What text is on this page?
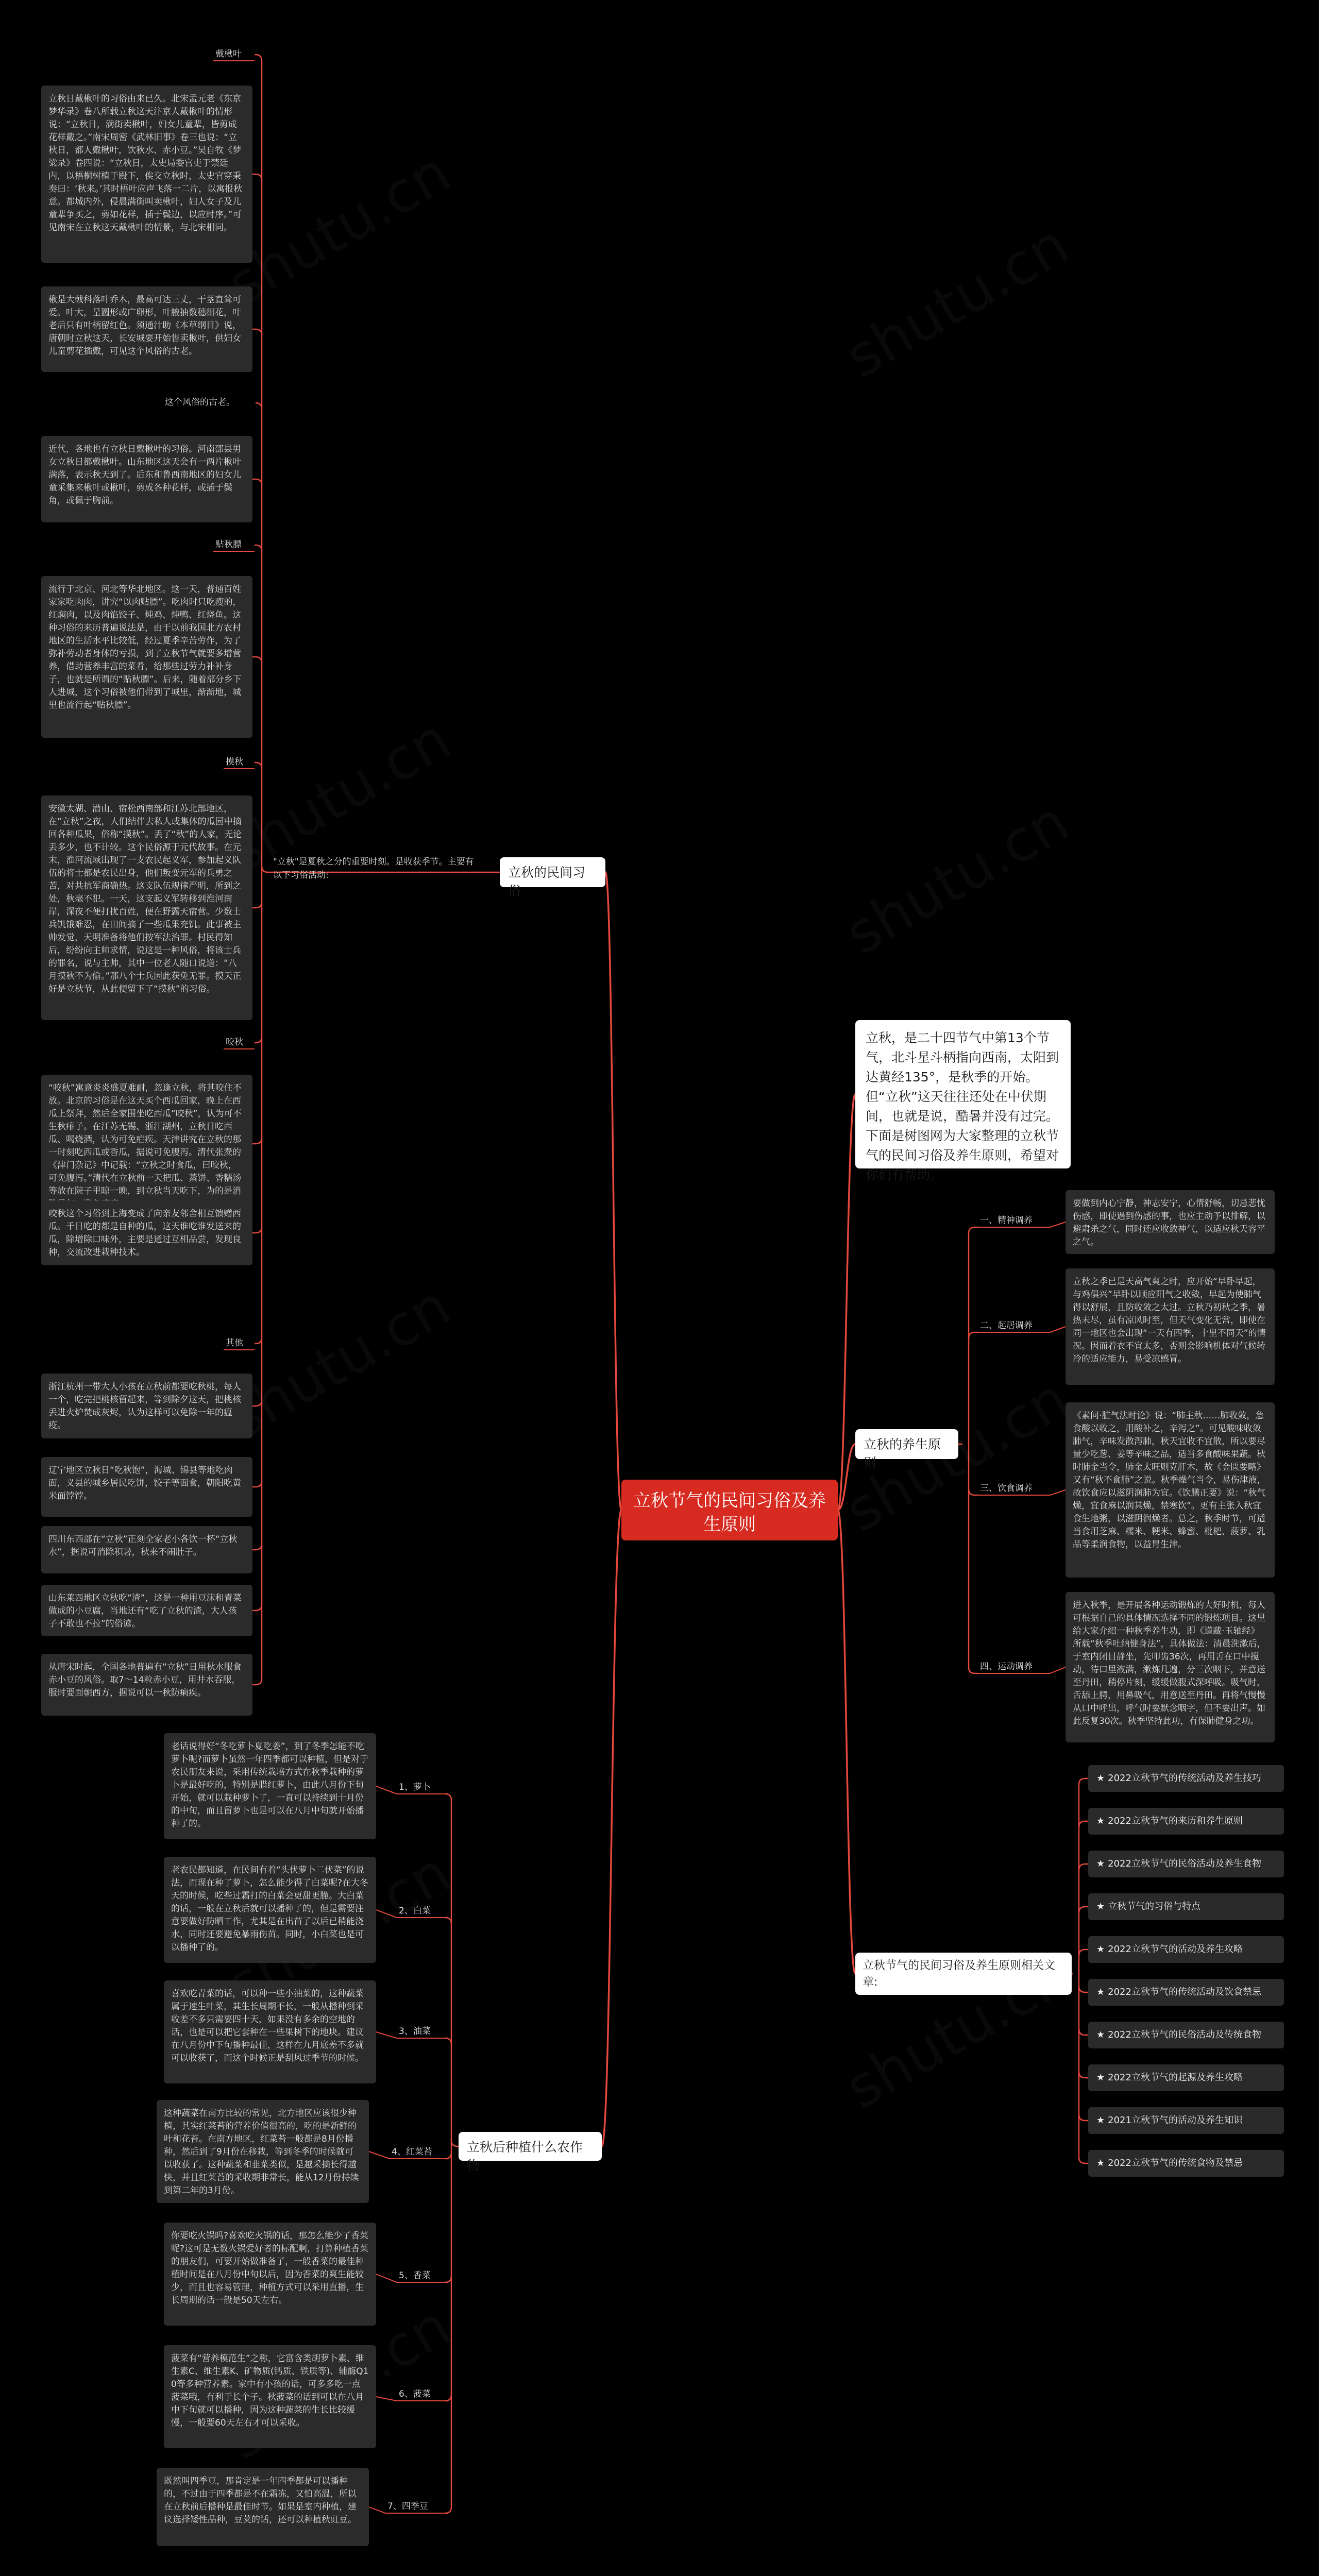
立秋节气的民间习俗及养生原则
立秋的民间习俗
"立秋"是夏秋之分的重要时刻。是收获季节。主要有以下习俗活动:
戴楸叶
立秋日戴楸叶的习俗由来已久。北宋孟元老《东京梦华录》卷八所载立秋这天汴京人戴楸叶的情形说：“立秋日，满街卖楸叶，妇女儿童辈，皆剪成花样戴之。”南宋周密《武林旧事》卷三也说：“立秋日，都人戴楸叶，饮秋水、赤小豆。”吴自牧《梦粱录》卷四说：“立秋日，太史局委官吏于禁廷内，以梧桐树植于殿下，俟交立秋时，太史官穿秉奏曰：‘秋来。’其时梧叶应声飞落一二片，以寓报秋意。都城内外，侵晨满街叫卖楸叶，妇人女子及儿童辈争买之，剪如花样，插于鬓边，以应时序。”可见南宋在立秋这天戴楸叶的情景，与北宋相同。
楸是大戟科落叶乔木，最高可达三丈，干茎直耸可爱。叶大，呈圆形或广卵形，叶腋抽数穗细花，叶老后只有叶柄留红色。须通汁助《本草纲目》说，唐朝时立秋这天，长安城要开始售卖楸叶，供妇女儿童剪花插戴，可见这个风俗的古老。
这个风俗的古老。
近代，各地也有立秋日戴楸叶的习俗。河南邵县男女立秋日都戴楸叶。山东地区这天会有一两片楸叶满落，表示秋天到了。后东和鲁西南地区的妇女儿童采集来楸叶或楸叶，剪成各种花样，或插于鬓角，或佩于胸前。
贴秋膘
流行于北京、河北等华北地区。这一天，普通百姓家家吃肉肉，讲究“以肉贴膘”。吃肉时只吃瘦的，红焖肉，以及肉馅饺子、炖鸡、炖鸭、红烧鱼。这种习俗的来历普遍说法是，由于以前我国北方农村地区的生活水平比较低，经过夏季辛苦劳作，为了弥补劳动者身体的亏损，到了立秋节气就要多增营养，借助营养丰富的菜肴，给那些过劳力补补身子，也就是所谓的“贴秋膘”。后来，随着部分乡下人进城，这个习俗被他们带到了城里，渐渐地，城里也流行起“贴秋膘”。
摸秋
安徽太湖、潜山、宿松西南部和江苏北部地区，在“立秋”之夜，人们结伴去私人或集体的瓜园中摘回各种瓜果，俗称“摸秋”。丢了“秋”的人家，无论丢多少，也不计较。这个民俗源于元代故事。在元末，淮河流域出现了一支农民起义军，参加起义队伍的将士都是农民出身，他们叛变元军的兵勇之苦，对共抗军商确热。这支队伍规律严明，所到之处，秋毫不犯。一天，这支起义军转移到淮河南岸，深夜不便打扰百姓，便在野露天宿营。少数士兵饥饿难忍，在田间摘了一些瓜果充饥。此事被主帅发觉，天明准备将他们按军法治罪。村民得知后，纷纷向主帅求情，说这是一种风俗，将该士兵的罪名，说与主帅，其中一位老人随口说道：“八月摸秋不为偷。”那八个士兵因此获免无罪。摸天正好是立秋节，从此便留下了“摸秋”的习俗。
咬秋
“咬秋”寓意炎炎盛夏难耐，忽逢立秋，将其咬住不放。北京的习俗是在这天买个西瓜回家，晚上在西瓜上祭拜，然后全家围坐吃西瓜“咬秋”，认为可不生秋痱子。在江苏无锡、浙江湖州，立秋日吃西瓜、喝烧酒，认为可免疟疾。天津讲究在立秋的那一时刻吃西瓜或香瓜，据说可免腹泻。清代张焘的《津门杂记》中记载：“立秋之时食瓜，曰咬秋，可免腹泻。”清代在立秋前一天把瓜、蒸饼、香糯汤等放在院子里晾一晚，到立秋当天吃下，为的是消
咬秋这个习俗到上海变成了向亲友邻舍相互馈赠西瓜。千日吃的都是自种的瓜，这天谁吃谁发送来的瓜，除增除口味外，主要是通过互相品尝，发现良种，交流改进栽种技术。
其他
浙江杭州一带大人小孩在立秋前都要吃秋桃，每人一个，吃完把桃核留起来，等到除夕这天，把桃核丢进火炉焚成灰烬，认为这样可以免除一年的瘟疫。
辽宁地区立秋日“吃秋饱”，海城、锦县等地吃肉面，义县的城乡居民吃饼，饺子等面食，朝阳吃黄米面饽饽。
四川东西部在“立秋”正刻全家老小各饮一杯“立秋水”，据说可消除积暑，秋来不闹肚子。
山东莱西地区立秋吃“渣”，这是一种用豆沫和青菜做成的小豆腐，当地还有“吃了立秋的渣，大人孩子不敢也不拉”的俗谚。
从唐宋时起，全国各地普遍有“立秋”日用秋水服食赤小豆的风俗。取7～14粒赤小豆，用井水吞服，服时要面朝西方，据说可以一秋防痢疾。
立秋，是二十四节气中第13个节气，北斗星斗柄指向西南，太阳到达黄经135°，是秋季的开始。但“立秋”这天往往还处在中伏期间，也就是说，酷暑并没有过完。下面是树图网为大家整理的立秋节气的民间习俗及养生原则，希望对你们有帮助。
立秋的养生原则
一、精神调养
要做到内心宁静，神志安宁，心情舒畅，切忌悲忧伤感，即使遇到伤感的事，也应主动予以排解，以避肃杀之气，同时还应收敛神气，以适应秋天容平之气。
二、起居调养
立秋之季已是天高气爽之时，应开始“早卧早起，与鸡俱兴”早卧以顺应阳气之收敛，早起为使肺气得以舒展，且防收敛之太过。立秋乃初秋之季，暑热未尽，虽有凉风时至，但天气变化无常，即使在同一地区也会出现“一天有四季，十里不同天”的情况。因而着衣不宜太多，否则会影响机体对气候转冷的适应能力，易受凉感冒。
三、饮食调养
《素问·脏气法时论》说：“肺主秋……肺收敛，急食酸以收之，用酸补之，辛泻之”。可见酸味收敛肺气，辛味发散泻肺，秋天宜收不宜散，所以要尽量少吃葱、姜等辛味之品，适当多食酸味果蔬。秋时肺金当令，肺金太旺则克肝木，故《金匮要略》又有“秋不食肺”之说。秋季燥气当令，易伤津液，故饮食应以滋阴润肺为宜。《饮膳正要》说：“秋气燥，宜食麻以润其燥，禁寒饮”。更有主张入秋宜食生地粥，以滋阴润燥者。总之，秋季时节，可适当食用芝麻、糯米、粳米、蜂蜜、枇杷、菠萝、乳品等柔润食物，以益胃生津。
四、运动调养
进入秋季，是开展各种运动锻炼的大好时机，每人可根据自己的具体情况选择不同的锻炼项目。这里给大家介绍一种秋季养生功，即《道藏·玉轴经》所载“秋季吐纳健身法”，具体做法：清晨洗漱后，于室内闭目静坐，先叩齿36次，再用舌在口中搅动，待口里液满，漱炼几遍，分三次咽下，并意送至丹田，稍停片刻，缓缓做腹式深呼吸。吸气时，舌舔上腭，用鼻吸气，用意送至丹田。再将气慢慢从口中呼出，呼气时要默念咽字，但不要出声。如此反复30次。秋季坚持此功，有保肺健身之功。
立秋节气的民间习俗及养生原则相关文章:
★ 2022立秋节气的传统活动及养生技巧
★ 2022立秋节气的来历和养生原则
★ 2022立秋节气的民俗活动及养生食物
★ 立秋节气的习俗与特点
★ 2022立秋节气的活动及养生攻略
★ 2022立秋节气的传统活动及饮食禁忌
★ 2022立秋节气的民俗活动及传统食物
★ 2022立秋节气的起源及养生攻略
★ 2021立秋节气的活动及养生知识
★ 2022立秋节气的传统食物及禁忌
立秋后种植什么农作物
1、萝卜
老话说得好“冬吃萝卜夏吃姜”，到了冬季怎能不吃萝卜呢?而萝卜虽然一年四季都可以种植，但是对于农民朋友来说，采用传统栽培方式在秋季栽种的萝卜是最好吃的，特别是腊红萝卜，由此八月份下旬开始，就可以栽种萝卜了，一直可以持续到十月份的中旬，而且留萝卜也是可以在八月中旬就开始播种了的。
2、白菜
老农民都知道，在民间有着“头伏萝卜二伏菜”的说法，而现在种了萝卜，怎么能少得了白菜呢?在大冬天的时候，吃些过霜打的白菜会更甜更脆。大白菜的话，一般在立秋后就可以播种了的，但是需要注意要做好防晒工作，尤其是在出苗了以后已稍能浇水，同时还要避免暴雨伤苗。同时，小白菜也是可以播种了的。
3、油菜
喜欢吃青菜的话，可以种一些小油菜的，这种蔬菜属于速生叶菜，其生长周期不长，一般从播种到采收差不多只需要四十天，如果没有多余的空地的话，也是可以把它套种在一些果树下的地块。建议在八月份中下旬播种最佳，这样在九月底差不多就可以收获了，而这个时候正是刮风过季节的时候。
4、红菜苔
这种蔬菜在南方比较的常见，北方地区应该很少种植，其实红菜苔的营养价值很高的，吃的是新鲜的叶和花苔。在南方地区，红菜苔一般都是8月份播种，然后到了9月份在移栽，等到冬季的时候就可以收获了。这种蔬菜和韭菜类似，是越采摘长得越快，并且红菜苔的采收期非常长，能从12月份持续到第二年的3月份。
5、香菜
你要吃火锅吗?喜欢吃火锅的话，那怎么能少了香菜呢?这可是无数火锅爱好者的标配啊，打算种植香菜的朋友们，可要开始做准备了，一般香菜的最佳种植时间是在八月份中旬以后，因为香菜的爽生能较少，而且也容易管理，种植方式可以采用直播，生长周期的话一般是50天左右。
6、菠菜
菠菜有“营养模范生”之称，它富含类胡萝卜素、维生素C、维生素K、矿物质(钙质、铁质等)、辅酶Q10等多种营养素。家中有小孩的话，可多多吃一点菠菜哦，有利于长个子。秋菠菜的话到可以在八月中下旬就可以播种，因为这种蔬菜的生长比较缓慢，一般要60天左右才可以采收。
7、四季豆
既然叫四季豆，那肯定是一年四季都是可以播种的，不过由于四季都是不在霜冻，又怕高温，所以在立秋前后播种是最佳时节。如果是室内种植，建议选择矮性品种，豆荚的话，还可以种植秋豇豆。
